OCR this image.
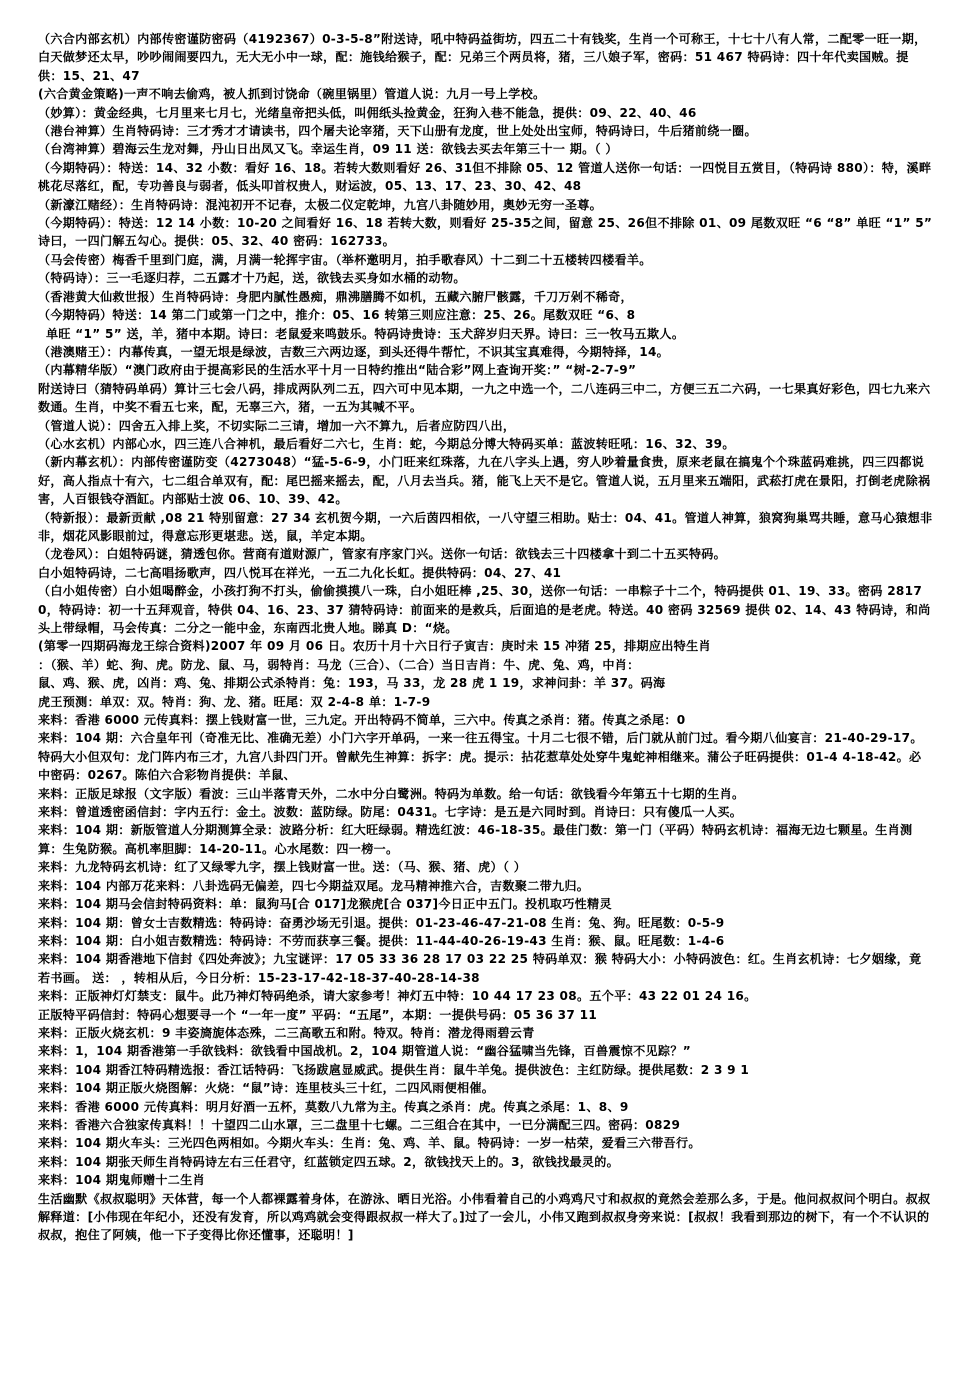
（六合内部玄机）内部传密谨防密码（4192367）0-3-5-8”附送诗，吼中特码益街坊，四五二十有钱奖，生肖一个可称王，十七十八有人常，二配零一旺一期，白天做梦还太早，吵吵闹闹要四九，无大无小中一球，配：施钱给猴子，配：兄弟三个两员将，猪，三八娘子军，密码：51 467 特码诗：四十年代卖国贼。提供：15、21、47

(六合黄金策略)一声不响去偷鸡，被人抓到讨饶命（碗里锅里）管道人说：九月一号上学校。

（妙算）：黄金经典，七月里来七月七，光绪皇帝把头低，叫佣纸头捡黄金，狂狗入巷不能急，提供：09、22、40、46

（港台神算）生肖特码诗：三才秀才才请读书，四个屠夫论宰猪，天下山册有龙度，世上处处出宝师，特码诗曰，牛后猪前绕一圈。

（台湾神算）碧海云生龙对舞，丹山日出凤又飞。幸运生肖，09 11 送：欲钱去买去年第三十一 期。（ ）

（今期特码）：特送：14、32 小数：看好 16、18。若转大数则看好 26、31但不排除 05、12 管道人送你一句话：一四悦目五赏目，（特码诗 880）：特，溪畔桃花尽落红，配，专功善良与弱者，低头叩首权贵人，财运波，05、13、17、23、30、42、48

（新濠江赌经）：生肖特码诗：混沌初开不记春，太极二仪定乾坤，九宫八卦随妙用，奥妙无穷一圣尊。

（今期特码）：特送：12 14 小数：10-20 之间看好 16、18 若转大数，则看好 25-35之间，留意 25、26但不排除 01、09 尾数双旺 “6 “8” 单旺 “1” 5” 诗曰，一四门解五勾心。提供：05、32、40 密码：162733。

（马会传密）梅香千里到门庭，满，月满一轮挥宇宙。（举杯邀明月，拍手歌春风）十二到二十五楼转四楼看羊。

（特码诗）：三一毛逐归荐，二五露才十乃起，送，欲钱去买身如水桶的动物。

（香港黄大仙救世报）生肖特码诗：身肥内腻性愚痴，鼎沸膳腾不如机，五藏六腑尸骸露，千刀万剁不稀奇，

（今期特码）特送：14 第二门或第一门之中，推介：05、16 转第三则应注意：25、26。尾数双旺 “6、8

单旺 “1” 5” 送，羊，猪中本期。诗曰：老鼠爱来鸣鼓乐。特码诗贵诗：玉犬辞岁归天界。诗曰：三一牧马五欺人。

（港澳赌王）：内幕传真，一望无垠是绿波，吉数三六两边逐，到头还得牛帮忙，不识其宝真难得，今期特择，14。

（内幕精华版）“澳门政府由于提高彩民的生活水平十月一日特约推出“陆合彩”网上查询开奖：” “树-2-7-9”

附送诗曰（猜特码单码）算计三七会八码，排成两队列二五，四六可中见本期，一九之中选一个，二八连码三中二，方便三五二六码，一七果真好彩色，四七九来六数通。生肖，中奖不看五七来，配，无辜三六，猪，一五为其喊不平。

（管道人说）：四舍五入排上奖，不切实际二三请，增加一六不算九，后者应防四八出，

（心水玄机）内部心水，四三连八合神机，最后看好二六七，生肖：蛇，今期总分博大特码买单：蓝波转旺吼：16、32、39。

（新内幕玄机）：内部传密谨防变（4273048）“猛-5-6-9，小门旺来红珠落，九在八字头上遇，穷人吵着量食贵，原来老鼠在搞鬼个个珠蓝码难挑，四三四都说好，高人指点十有六，七二组合单双有，配：尾巴摇来摇去，配，八月去当兵。猪，能飞上天不是它。管道人说，五月里来五端阳，武菘打虎在景阳，打倒老虎除祸害，人百银钱夺酒缸。内部贴士波 06、10、39、42。

（特新报）：最新贡献 ,08 21 特别留意：27 34 玄机贺今期，一六后茵四相依，一八守望三相助。贴士：04、41。管道人神算，狼窝狗巢骂共睡，意马心猿想非非，烟花风影眼前过，得意忘形更堪悲。送，鼠，羊定本期。

（龙卷风）：白姐特码谜，猜透包你。营商有道财源广，管家有序家门兴。送你一句话：欲钱去三十四楼拿十到二十五买特码。

白小姐特码诗，二七高唱扬歌声，四八悦耳在祥光，一五二九化长虹。提供特码：04、27、41

（白小姐传密）白小姐喝醉金，小孩打狗不打头，偷偷摸摸八一珠，白小姐旺棒 ,25、30，送你一句话：一串粽子十二个，特码提供 01、19、33。密码 28170，特码诗：初一十五拜观音，特供 04、16、23、37 猜特码诗：前面来的是救兵，后面追的是老虎。特送。40 密码 32569 提供 02、14、43 特码诗，和尚头上带绿帽，马会传真：二分之一能中金，东南西北贵人地。睇真 D：“烧。

(第零一四期码海龙王综合资料)2007 年 09 月 06 日。农历十月十六日行子寅吉：庚时未 15 冲猪 25，排期应出特生肖

：（猴、羊）蛇、狗、虎。防龙、鼠、马，弱特肖：马龙（三合）、（二合）当日吉肖：牛、虎、兔、鸡，中肖：

鼠、鸡、猴、虎，凶肖：鸡、兔、排期公式杀特肖：兔：193，马 33，龙 28 虎 1 19，求神问卦：羊 37。码海

虎王预测：单双：双。特肖：狗、龙、猪。旺尾：双 2-4-8 单：1-7-9

来料：香港 6000 元传真料：摆上钱财富一世，三九定。开出特码不简单，三六中。传真之杀肖：猪。传真之杀尾：0

来料：104 期：六合皇年刊（奇准无比、准确无差）小门六字开单码，一来一往五得宝。十月二七很不错，后门就从前门过。看今期八仙宴言：21-40-29-17。特码大小但双句：龙门阵内布三才，九宫八卦四门开。曾献先生神算：拆字：虎。提示：拈花惹草处处穿牛鬼蛇神相继来。蒲公子旺码提供：01-4 4-18-42。必中密码：0267。陈伯六合彩物肖提供：羊鼠、

来料：正版足球报（文字版）看波：三山半落青天外，二水中分白鹭洲。特码为单数。给一句话：欲钱看今年第五十七期的生肖。

来料：曾道透密函信封：字内五行：金土。波数：蓝防绿。防尾：0431。七字诗：是五是六同时到。肖诗曰：只有傻瓜一人买。

来料：104 期：新版管道人分期测算全录：波路分析：红大旺绿弱。精选红波：46-18-35。最佳门数：第一门（平码）特码玄机诗：福海无边七颗星。生肖测算：生兔防猴。高机率胆脚：14-20-11。心水尾数：四一榜一。

来料：九龙特码玄机诗：红了又绿零九字，摆上钱财富一世。送：（马、猴、猪、虎）（ ）

来料：104 内部万花来料：八卦选码无偏差，四七今期益双尾。龙马精神推六合，吉数聚二带九归。

来料：104 期马会信封特码资料：单：鼠狗马[合 017]龙猴虎[合 037]今日正中五门。投机取巧性精灵

来料：104 期：曾女士吉数精选：特码诗：奋勇沙场无引退。提供：01-23-46-47-21-08 生肖：兔、狗。旺尾数：0-5-9

来料：104 期：白小姐吉数精选：特码诗：不劳而获享三餐。提供：11-44-40-26-19-43 生肖：猴、鼠。旺尾数：1-4-6

来料：104 期香港地下信封《四处奔波》；九宝谜评：17 05 33 36 28 17 03 22 25 特码单双：猴 特码大小：小特码波色：红。生肖玄机诗：七夕姻缘，竟若书画。 送： ，转相从后，今日分析：15-23-17-42-18-37-40-28-14-38

来料：正版神灯灯禁支：鼠牛。此乃神灯特码绝杀，请大家参考！神灯五中特：10 44 17 23 08。五个平：43 22 01 24 16。

正版特平码信封：特码心想要寻一个 “一年一度” 平码：“五尾”，本期：一提供号码：05 36 37 11

来料：正版火烧玄机：9 丰姿旖旎体态殊，二三高歌五和附。特双。特肖：潜龙得雨碧云青

来料：1，104 期香港第一手欲钱料：欲钱看中国战机。2，104 期管道人说：“幽谷猛啸当先锋，百兽震惊不见踪？”

来料：104 期香江特码精选报：香江话特码：飞扬跋扈显威武。提供生肖：鼠牛羊兔。提供波色：主红防绿。提供尾数：2 3 9 1

来料：104 期正版火烧图解：火烧：“鼠”诗：连里枝头三十红，二四风雨便相催。

来料：香港 6000 元传真料：明月好酒一五杯，莫数八九常为主。传真之杀肖：虎。传真之杀尾：1、8、9

来料：香港六合独家传真料！！十望四二山水罩，三二盘里十七螺。二三组合在其中，一已分满配三四。密码：0829

来料：104 期火车头：三光四色两相如。今期火车头：生肖：兔、鸡、羊、鼠。特码诗：一岁一枯荣，爱看三六带吾行。

来料：104 期张天师生肖特码诗左右三任君守，红蓝锁定四五球。2，欲钱找天上的。3，欲钱找最灵的。

来料：104 期鬼师赠十二生肖

生活幽默《叔叔聪明》天体营，每一个人都裸露着身体，在游泳、晒日光浴。小伟看着自己的小鸡鸡尺寸和叔叔的竟然会差那么多，于是。他问叔叔问个明白。叔叔解释道：[小伟现在年纪小，还没有发育，所以鸡鸡就会变得跟叔叔一样大了。]过了一会儿，小伟又跑到叔叔身旁来说：[叔叔！我看到那边的树下，有一个不认识的叔叔，抱住了阿姨，他一下子变得比你还懂事，还聪明！]
